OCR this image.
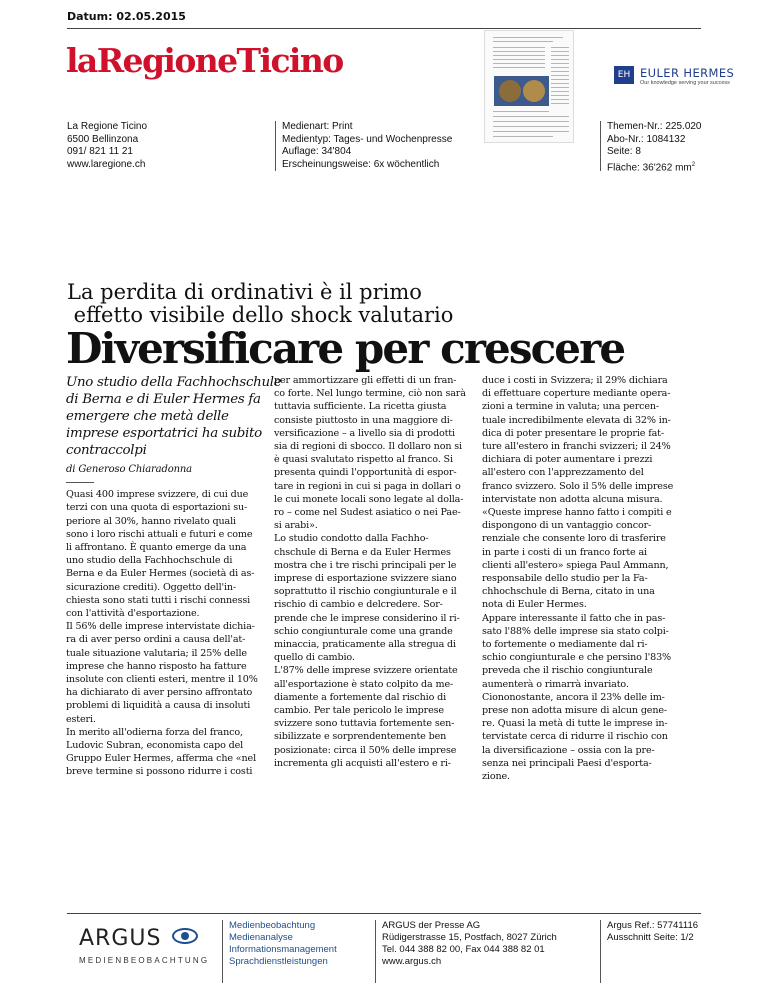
Datum: 02.05.2015
laRegioneTicino	EH EULER HERMES
Our knowledge serving your success
La Regione Ticino
6500 Bellinzona
091/ 821 11 21
www.laregione.ch
Medienart: Print
Medientyp: Tages- und Wochenpresse
Auflage: 34'804
Erscheinungsweise: 6x wöchentlich
Themen-Nr.: 225.020
Abo-Nr.: 1084132
Seite: 8
Fläche: 36'262 $mm^2$
La perdita di ordinativi è il primo
effetto visibile dello shock valutario
Diversificare per crescere

Uno studio della Fachhochschule

di Berna e di Euler Hermes fa

emergere che metà delle

imprese esportatrici ha subito

contraccolpi

di Generoso Chiaradonna

Quasi 400 imprese svizzere, di cui due

terzi con una quota di esportazioni su-

periore al 30%, hanno rivelato quali

sono i loro rischi attuali e futuri e come

li affrontano. È quanto emerge da una

uno studio della Fachhochschule di

Berna e da Euler Hermes (società di as-

sicurazione crediti). Oggetto dell'in-

chiesta sono stati tutti i rischi connessi

con l'attività d'esportazione.

Il 56% delle imprese intervistate dichia-

ra di aver perso ordini a causa dell'at-

tuale situazione valutaria; il 25% delle

imprese che hanno risposto ha fatture

insolute con clienti esteri, mentre il 10%

ha dichiarato di aver persino affrontato

problemi di liquidità a causa di insoluti

esteri.

In merito all'odierna forza del franco,

Ludovic Subran, economista capo del

Gruppo Euler Hermes, afferma che «nel

breve termine si possono ridurre i costi

per ammortizzare gli effetti di un fran-

co forte. Nel lungo termine, ciò non sarà

tuttavia sufficiente. La ricetta giusta

consiste piuttosto in una maggiore di-

versificazione – a livello sia di prodotti

sia di regioni di sbocco. Il dollaro non si

è quasi svalutato rispetto al franco. Si

presenta quindi l'opportunità di espor-

tare in regioni in cui si paga in dollari o

le cui monete locali sono legate al dolla-

ro – come nel Sudest asiatico o nei Pae-

si arabi».

Lo studio condotto dalla Fachho-

chschule di Berna e da Euler Hermes

mostra che i tre rischi principali per le

imprese di esportazione svizzere siano

soprattutto il rischio congiunturale e il

rischio di cambio e delcredere. Sor-

prende che le imprese considerino il ri-

schio congiunturale come una grande

minaccia, praticamente alla stregua di

quello di cambio.

L'87% delle imprese svizzere orientate

all'esportazione è stato colpito da me-

diamente a fortemente dal rischio di

cambio. Per tale pericolo le imprese

svizzere sono tuttavia fortemente sen-

sibilizzate e sorprendentemente ben

posizionate: circa il 50% delle imprese

incrementa gli acquisti all'estero e ri-

duce i costi in Svizzera; il 29% dichiara

di effettuare coperture mediante opera-

zioni a termine in valuta; una percen-

tuale incredibilmente elevata di 32% in-

dica di poter presentare le proprie fat-

ture all'estero in franchi svizzeri; il 24%

dichiara di poter aumentare i prezzi

all'estero con l'apprezzamento del

franco svizzero. Solo il 5% delle imprese

intervistate non adotta alcuna misura.

«Queste imprese hanno fatto i compiti e

dispongono di un vantaggio concor-

renziale che consente loro di trasferire

in parte i costi di un franco forte ai

clienti all'estero» spiega Paul Ammann,

responsabile dello studio per la Fa-

chhochschule di Berna, citato in una

nota di Euler Hermes.

Appare interessante il fatto che in pas-

sato l'88% delle imprese sia stato colpi-

to fortemente o mediamente dal ri-

schio congiunturale e che persino l'83%

preveda che il rischio congiunturale

aumenterà o rimarrà invariato.

Ciononostante, ancora il 23% delle im-

prese non adotta misure di alcun gene-

re. Quasi la metà di tutte le imprese in-

tervistate cerca di ridurre il rischio con

la diversificazione – ossia con la pre-

senza nei principali Paesi d'esporta-

zione.

ARGUS
MEDIENBEOBACHTUNG
Medienbeobachtung
Medienanalyse
Informationsmanagement
Sprachdienstleistungen
ARGUS der Presse AG
Rüdigerstrasse 15, Postfach, 8027 Zürich
Tel. 044 388 82 00, Fax 044 388 82 01
www.argus.ch
Argus Ref.: 57741116
Ausschnitt Seite: 1/2
